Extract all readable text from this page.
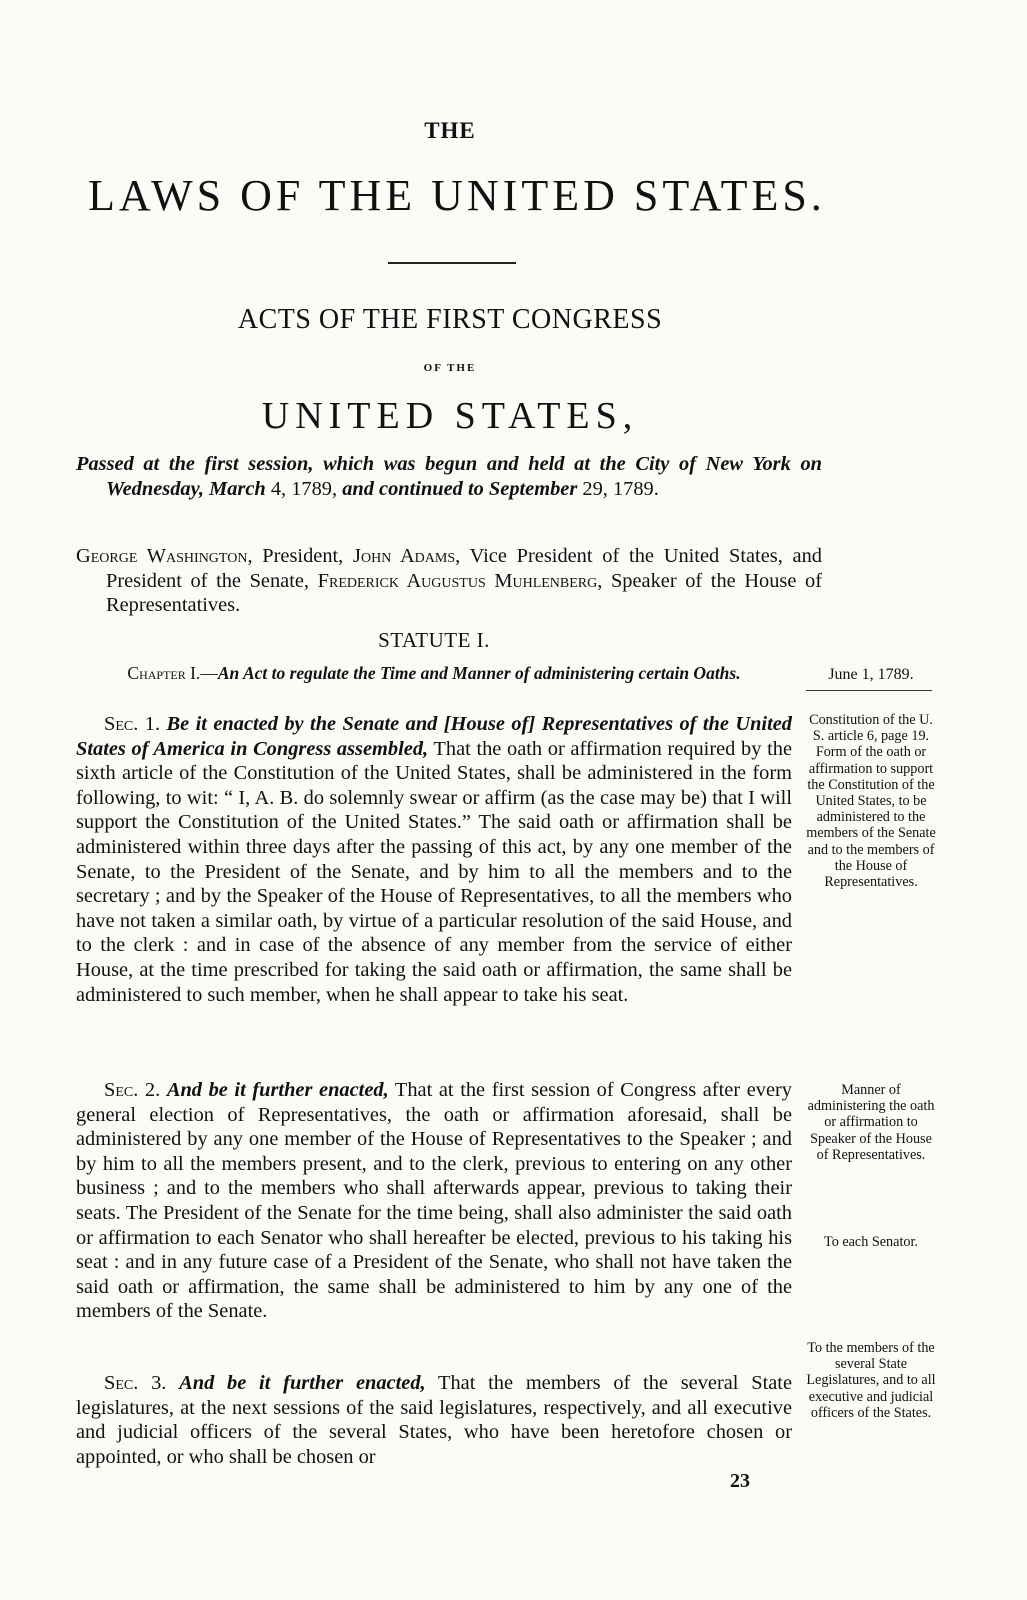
THE
LAWS OF THE UNITED STATES.
ACTS OF THE FIRST CONGRESS
OF THE
UNITED STATES,
Passed at the first session, which was begun and held at the City of New York on Wednesday, March 4, 1789, and continued to September 29, 1789.
George Washington, President, John Adams, Vice President of the United States, and President of the Senate, Frederick Augustus Muhlenberg, Speaker of the House of Representatives.
STATUTE I.
Chapter I.—An Act to regulate the Time and Manner of administering certain Oaths.
Sec. 1. Be it enacted by the Senate and [House of] Representatives of the United States of America in Congress assembled, That the oath or affirmation required by the sixth article of the Constitution of the United States, shall be administered in the form following, to wit: “ I, A. B. do solemnly swear or affirm (as the case may be) that I will support the Constitution of the United States.” The said oath or affirmation shall be administered within three days after the passing of this act, by any one member of the Senate, to the President of the Senate, and by him to all the members and to the secretary ; and by the Speaker of the House of Representatives, to all the members who have not taken a similar oath, by virtue of a particular resolution of the said House, and to the clerk : and in case of the absence of any member from the service of either House, at the time prescribed for taking the said oath or affirmation, the same shall be administered to such member, when he shall appear to take his seat.
Sec. 2. And be it further enacted, That at the first session of Congress after every general election of Representatives, the oath or affirmation aforesaid, shall be administered by any one member of the House of Representatives to the Speaker ; and by him to all the members present, and to the clerk, previous to entering on any other business ; and to the members who shall afterwards appear, previous to taking their seats. The President of the Senate for the time being, shall also administer the said oath or affirmation to each Senator who shall hereafter be elected, previous to his taking his seat : and in any future case of a President of the Senate, who shall not have taken the said oath or affirmation, the same shall be administered to him by any one of the members of the Senate.
Sec. 3. And be it further enacted, That the members of the several State legislatures, at the next sessions of the said legislatures, respectively, and all executive and judicial officers of the several States, who have been heretofore chosen or appointed, or who shall be chosen or
June 1, 1789.
Constitution of the U. S. article 6, page 19. Form of the oath or affirmation to support the Constitution of the United States, to be administered to the members of the Senate and to the members of the House of Representatives.
Manner of administering the oath or affirmation to Speaker of the House of Representatives.
To each Senator.
To the members of the several State Legislatures, and to all executive and judicial officers of the States.
23
